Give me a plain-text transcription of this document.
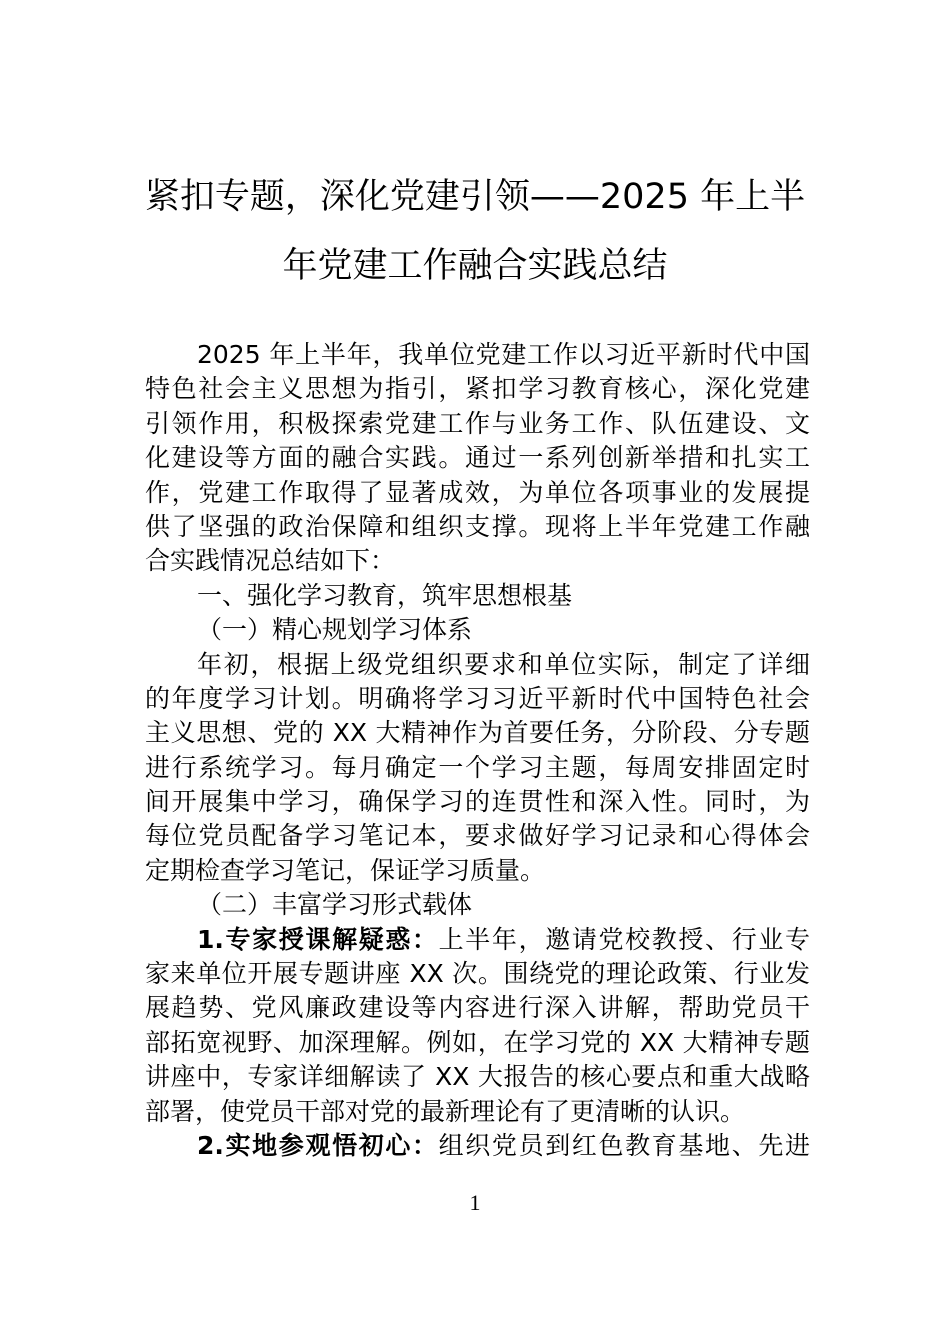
紧扣专题，深化党建引领——2025 年上半
年党建工作融合实践总结
2025 年上半年，我单位党建工作以习近平新时代中国
特色社会主义思想为指引，紧扣学习教育核心，深化党建
引领作用，积极探索党建工作与业务工作、队伍建设、文
化建设等方面的融合实践。通过一系列创新举措和扎实工
作，党建工作取得了显著成效，为单位各项事业的发展提
供了坚强的政治保障和组织支撑。现将上半年党建工作融
合实践情况总结如下：
一、强化学习教育，筑牢思想根基
（一）精心规划学习体系
年初，根据上级党组织要求和单位实际，制定了详细
的年度学习计划。明确将学习习近平新时代中国特色社会
主义思想、党的 XX 大精神作为首要任务，分阶段、分专题
进行系统学习。每月确定一个学习主题，每周安排固定时
间开展集中学习，确保学习的连贯性和深入性。同时，为
每位党员配备学习笔记本，要求做好学习记录和心得体会
定期检查学习笔记，保证学习质量。
（二）丰富学习形式载体
1.专家授课解疑惑：上半年，邀请党校教授、行业专
家来单位开展专题讲座 XX 次。围绕党的理论政策、行业发
展趋势、党风廉政建设等内容进行深入讲解，帮助党员干
部拓宽视野、加深理解。例如，在学习党的 XX 大精神专题
讲座中，专家详细解读了 XX 大报告的核心要点和重大战略
部署，使党员干部对党的最新理论有了更清晰的认识。
2.实地参观悟初心：组织党员到红色教育基地、先进
1
